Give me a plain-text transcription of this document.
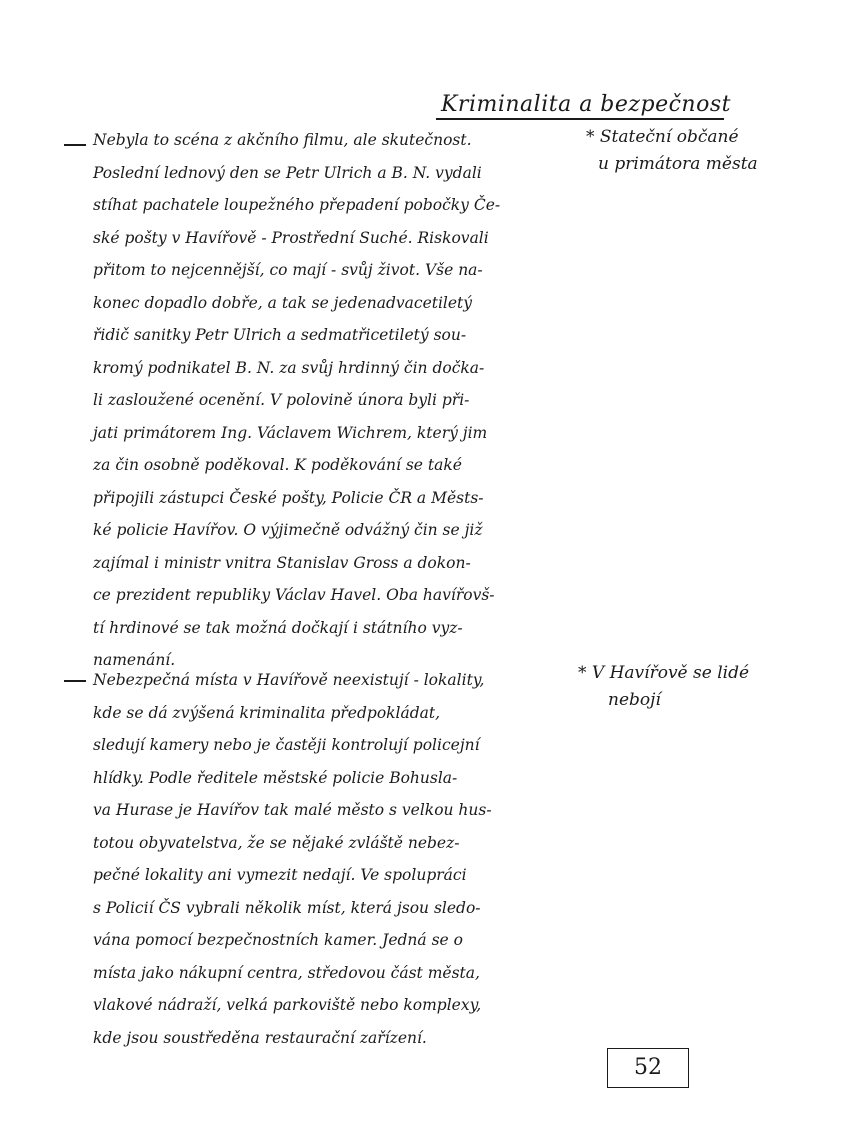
Kriminalita a bezpečnost
Nebyla to scéna z akčního filmu, ale skutečnost.
Poslední lednový den se Petr Ulrich a B. N. vydali
stíhat pachatele loupežného přepadení pobočky Če-
ské pošty v Havířově - Prostřední Suché. Riskovali
přitom to nejcennější, co mají - svůj život. Vše na-
konec dopadlo dobře, a tak se jedenadvacetiletý
řidič sanitky Petr Ulrich a sedmatřicetiletý sou-
kromý podnikatel B. N. za svůj hrdinný čin dočka-
li zasloužené ocenění. V polovině února byli při-
jati primátorem Ing. Václavem Wichrem, který jim
za čin osobně poděkoval. K poděkování se také
připojili zástupci České pošty, Policie ČR a Městs-
ké policie Havířov. O výjimečně odvážný čin se již
zajímal i ministr vnitra Stanislav Gross a dokon-
ce prezident republiky Václav Havel. Oba havířovš-
tí hrdinové se tak možná dočkají i státního vyz-
namenání.
* Stateční občané
u primátora města
Nebezpečná místa v Havířově neexistují - lokality,
kde se dá zvýšená kriminalita předpokládat,
sledují kamery nebo je častěji kontrolují policejní
hlídky. Podle ředitele městské policie Bohusla-
va Hurase je Havířov tak malé město s velkou hus-
totou obyvatelstva, že se nějaké zvláště nebez-
pečné lokality ani vymezit nedají. Ve spolupráci
s Policií ČS vybrali několik míst, která jsou sledo-
vána pomocí bezpečnostních kamer. Jedná se o
místa jako nákupní centra, středovou část města,
vlakové nádraží, velká parkoviště nebo komplexy,
kde jsou soustředěna restaurační zařízení.
* V Havířově se lidé
nebojí
52
